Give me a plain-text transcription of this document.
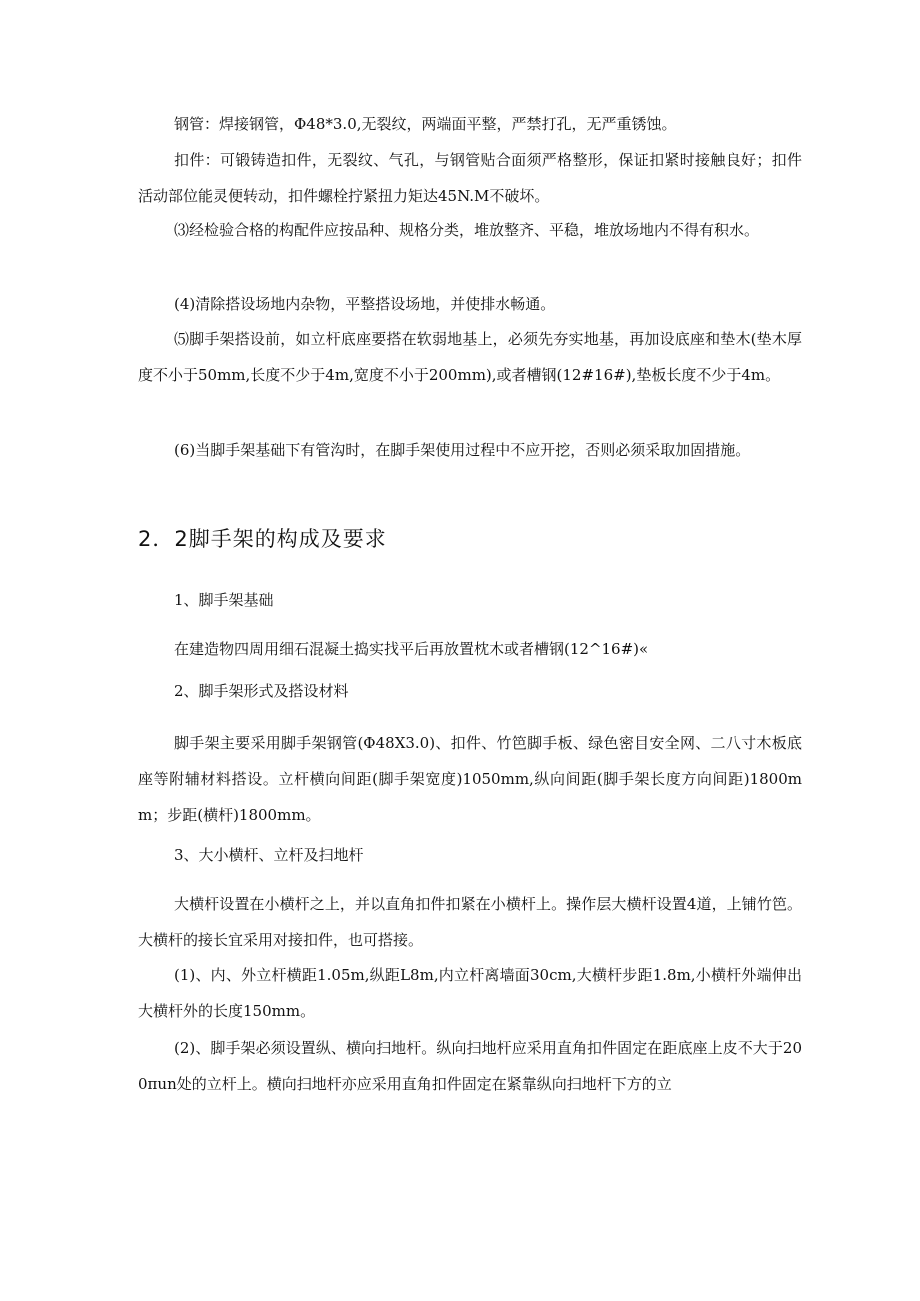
钢管：焊接钢管，Φ48*3.0,无裂纹，两端面平整，严禁打孔，无严重锈蚀。

扣件：可锻铸造扣件，无裂纹、气孔，与钢管贴合面须严格整形，保证扣紧时接触良好；扣件活动部位能灵便转动，扣件螺栓拧紧扭力矩达45N.M不破坏。

⑶经检验合格的构配件应按品种、规格分类，堆放整齐、平稳，堆放场地内不得有积水。

(4)清除搭设场地内杂物，平整搭设场地，并使排水畅通。

⑸脚手架搭设前，如立杆底座要搭在软弱地基上，必须先夯实地基，再加设底座和垫木(垫木厚度不小于50mm,长度不少于4m,宽度不小于200mm),或者槽钢(12#16#),垫板长度不少于4m。

(6)当脚手架基础下有管沟时，在脚手架使用过程中不应开挖，否则必须采取加固措施。

2．2脚手架的构成及要求

1、脚手架基础

在建造物四周用细石混凝土捣实找平后再放置枕木或者槽钢(12^16#)«

2、脚手架形式及搭设材料

脚手架主要采用脚手架钢管(Φ48X3.0)、扣件、竹笆脚手板、绿色密目安全网、二八寸木板底座等附辅材料搭设。立杆横向间距(脚手架宽度)1050mm,纵向间距(脚手架长度方向间距)1800mm；步距(横杆)1800mm。

3、大小横杆、立杆及扫地杆

大横杆设置在小横杆之上，并以直角扣件扣紧在小横杆上。操作层大横杆设置4道，上铺竹笆。大横杆的接长宜采用对接扣件，也可搭接。

(1)、内、外立杆横距1.05m,纵距L8m,内立杆离墙面30cm,大横杆步距1.8m,小横杆外端伸出大横杆外的长度150mm。

(2)、脚手架必须设置纵、横向扫地杆。纵向扫地杆应采用直角扣件固定在距底座上皮不大于200πun处的立杆上。横向扫地杆亦应采用直角扣件固定在紧靠纵向扫地杆下方的立
